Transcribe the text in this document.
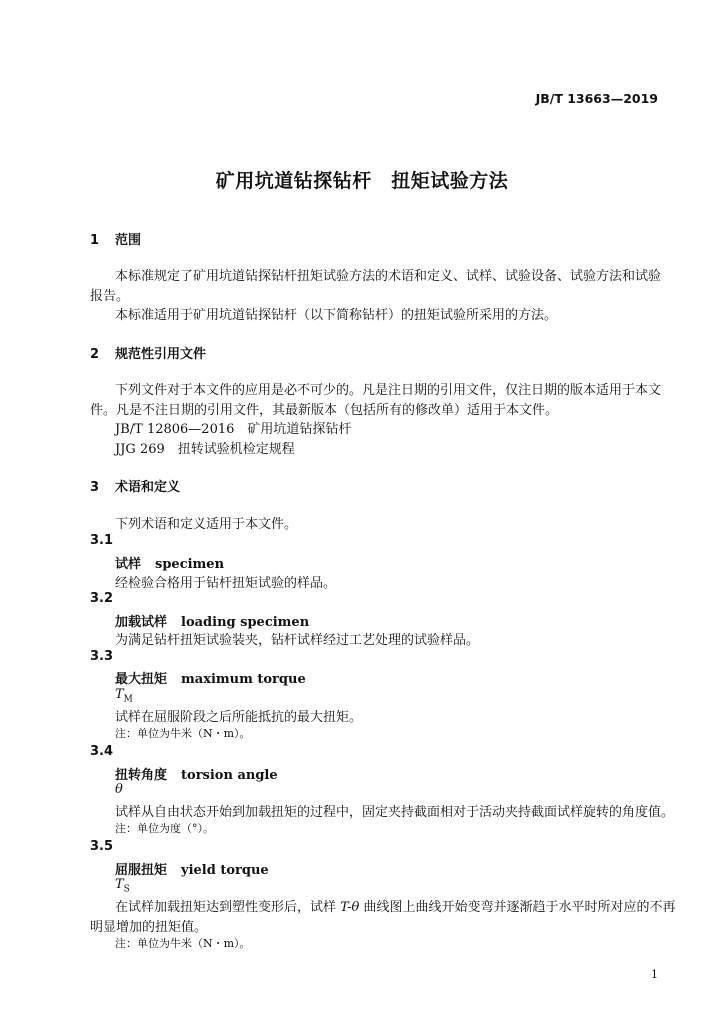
JB/T 13663—2019
矿用坑道钻探钻杆　扭矩试验方法
1 范围
本标准规定了矿用坑道钻探钻杆扭矩试验方法的术语和定义、试样、试验设备、试验方法和试验
报告。
本标准适用于矿用坑道钻探钻杆（以下简称钻杆）的扭矩试验所采用的方法。
2 规范性引用文件
下列文件对于本文件的应用是必不可少的。凡是注日期的引用文件，仅注日期的版本适用于本文
件。凡是不注日期的引用文件，其最新版本（包括所有的修改单）适用于本文件。
JB/T 12806—2016　矿用坑道钻探钻杆
JJG 269　扭转试验机检定规程
3 术语和定义
下列术语和定义适用于本文件。
3.1
试样 specimen
经检验合格用于钻杆扭矩试验的样品。
3.2
加载试样 loading specimen
为满足钻杆扭矩试验装夹，钻杆试样经过工艺处理的试验样品。
3.3
最大扭矩 maximum torque
$T_M$
试样在屈服阶段之后所能抵抗的最大扭矩。
注：单位为牛米（N・m）。
3.4
扭转角度 torsion angle
θ
试样从自由状态开始到加载扭矩的过程中，固定夹持截面相对于活动夹持截面试样旋转的角度值。
注：单位为度（°）。
3.5
屈服扭矩 yield torque
$T_S$
在试样加载扭矩达到塑性变形后，试样 T-θ 曲线图上曲线开始变弯并逐渐趋于水平时所对应的不再
明显增加的扭矩值。
注：单位为牛米（N・m）。
1
